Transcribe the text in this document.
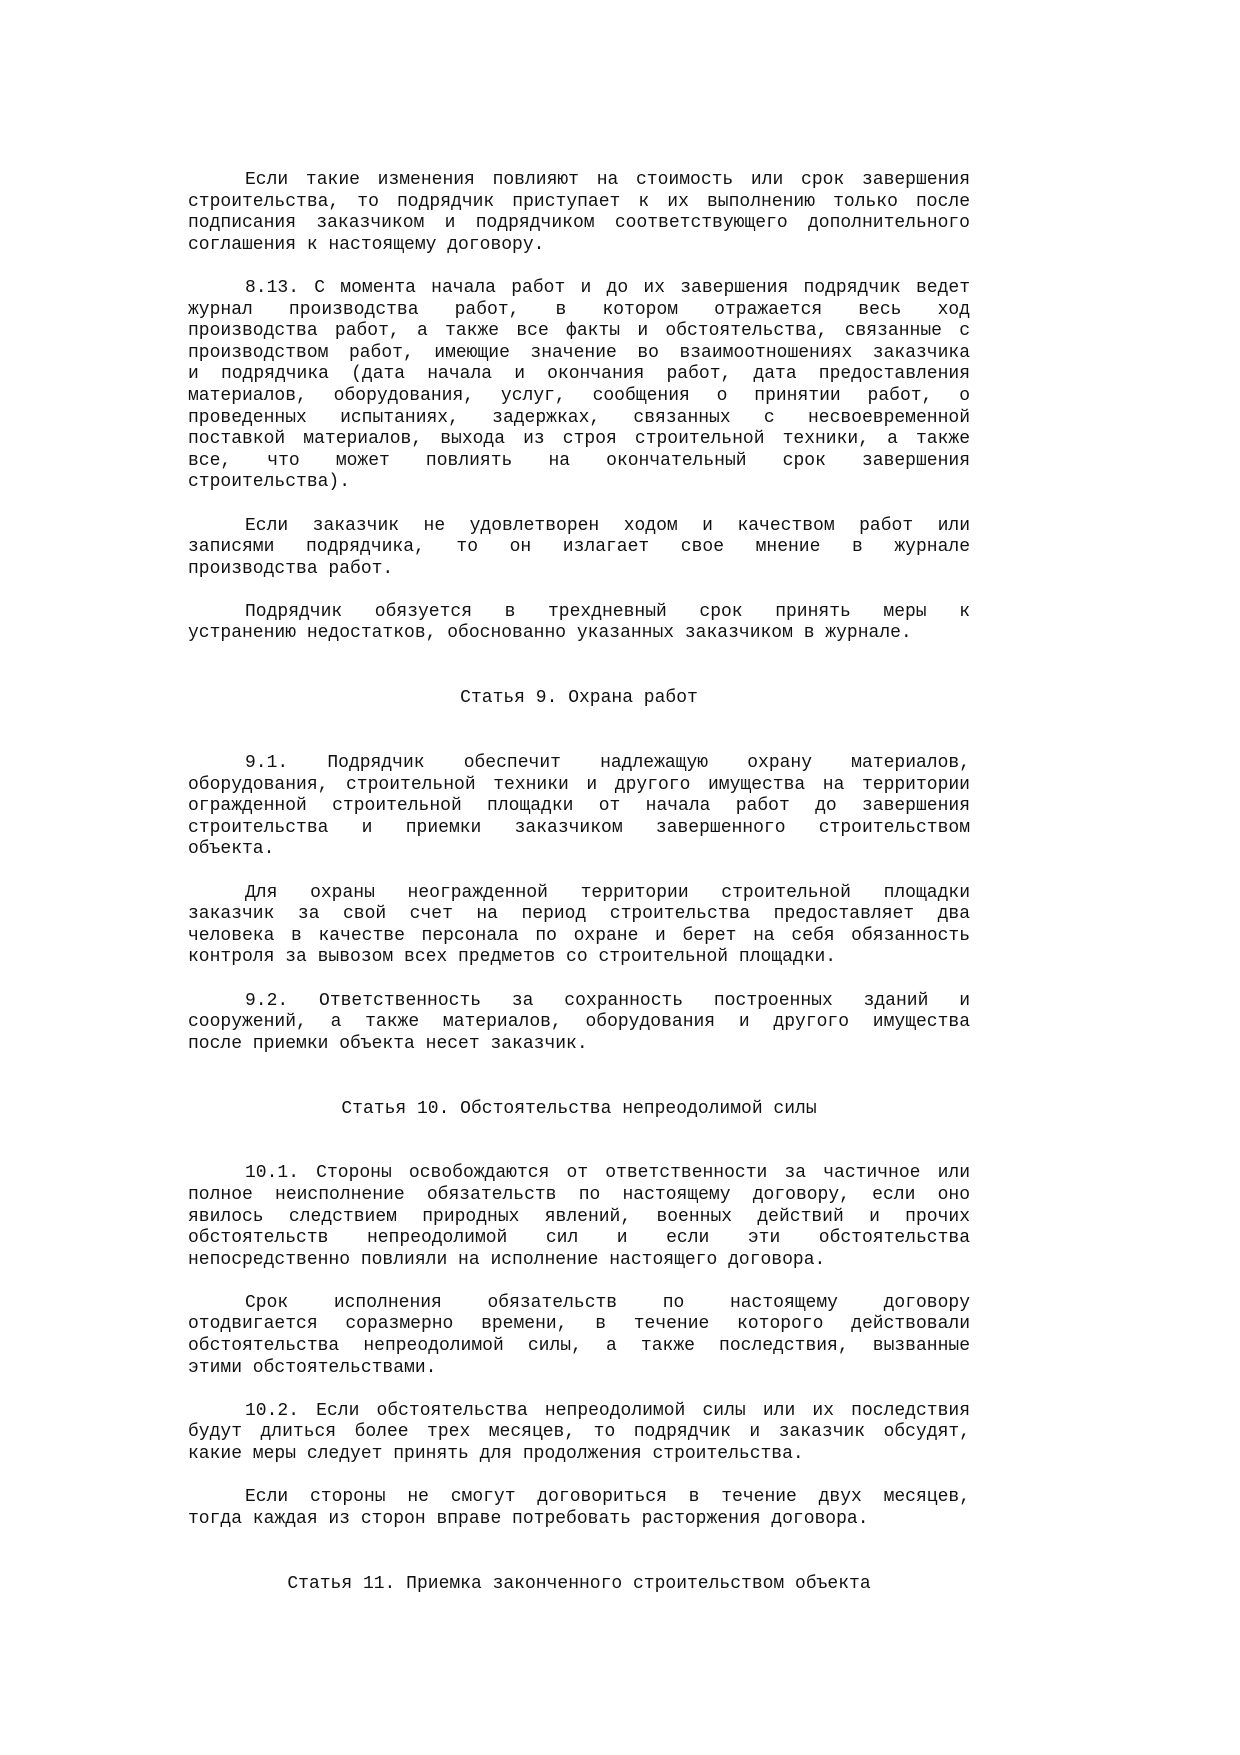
Если такие изменения повлияют на стоимость или срок завершения
строительства, то подрядчик приступает к их выполнению только после
подписания заказчиком и подрядчиком соответствующего дополнительного
соглашения к настоящему договору.
8.13. С момента начала работ и до их завершения подрядчик ведет
журнал производства работ, в котором отражается весь ход
производства работ, а также все факты и обстоятельства, связанные с
производством работ, имеющие значение во взаимоотношениях заказчика
и подрядчика (дата начала и окончания работ, дата предоставления
материалов, оборудования, услуг, сообщения о принятии работ, о
проведенных испытаниях, задержках, связанных с несвоевременной
поставкой материалов, выхода из строя строительной техники, а также
все, что может повлиять на окончательный срок завершения
строительства).
Если заказчик не удовлетворен ходом и качеством работ или
записями подрядчика, то он излагает свое мнение в журнале
производства работ.
Подрядчик обязуется в трехдневный срок принять меры к
устранению недостатков, обоснованно указанных заказчиком в журнале.
Статья 9. Охрана работ
9.1. Подрядчик обеспечит надлежащую охрану материалов,
оборудования, строительной техники и другого имущества на территории
огражденной строительной площадки от начала работ до завершения
строительства и приемки заказчиком завершенного строительством
объекта.
Для охраны неогражденной территории строительной площадки
заказчик за свой счет на период строительства предоставляет два
человека в качестве персонала по охране и берет на себя обязанность
контроля за вывозом всех предметов со строительной площадки.
9.2. Ответственность за сохранность построенных зданий и
сооружений, а также материалов, оборудования и другого имущества
после приемки объекта несет заказчик.
Статья 10. Обстоятельства непреодолимой силы
10.1. Стороны освобождаются от ответственности за частичное или
полное неисполнение обязательств по настоящему договору, если оно
явилось следствием природных явлений, военных действий и прочих
обстоятельств непреодолимой сил и если эти обстоятельства
непосредственно повлияли на исполнение настоящего договора.
Срок исполнения обязательств по настоящему договору
отодвигается соразмерно времени, в течение которого действовали
обстоятельства непреодолимой силы, а также последствия, вызванные
этими обстоятельствами.
10.2. Если обстоятельства непреодолимой силы или их последствия
будут длиться более трех месяцев, то подрядчик и заказчик обсудят,
какие меры следует принять для продолжения строительства.
Если стороны не смогут договориться в течение двух месяцев,
тогда каждая из сторон вправе потребовать расторжения договора.
Статья 11. Приемка законченного строительством объекта
